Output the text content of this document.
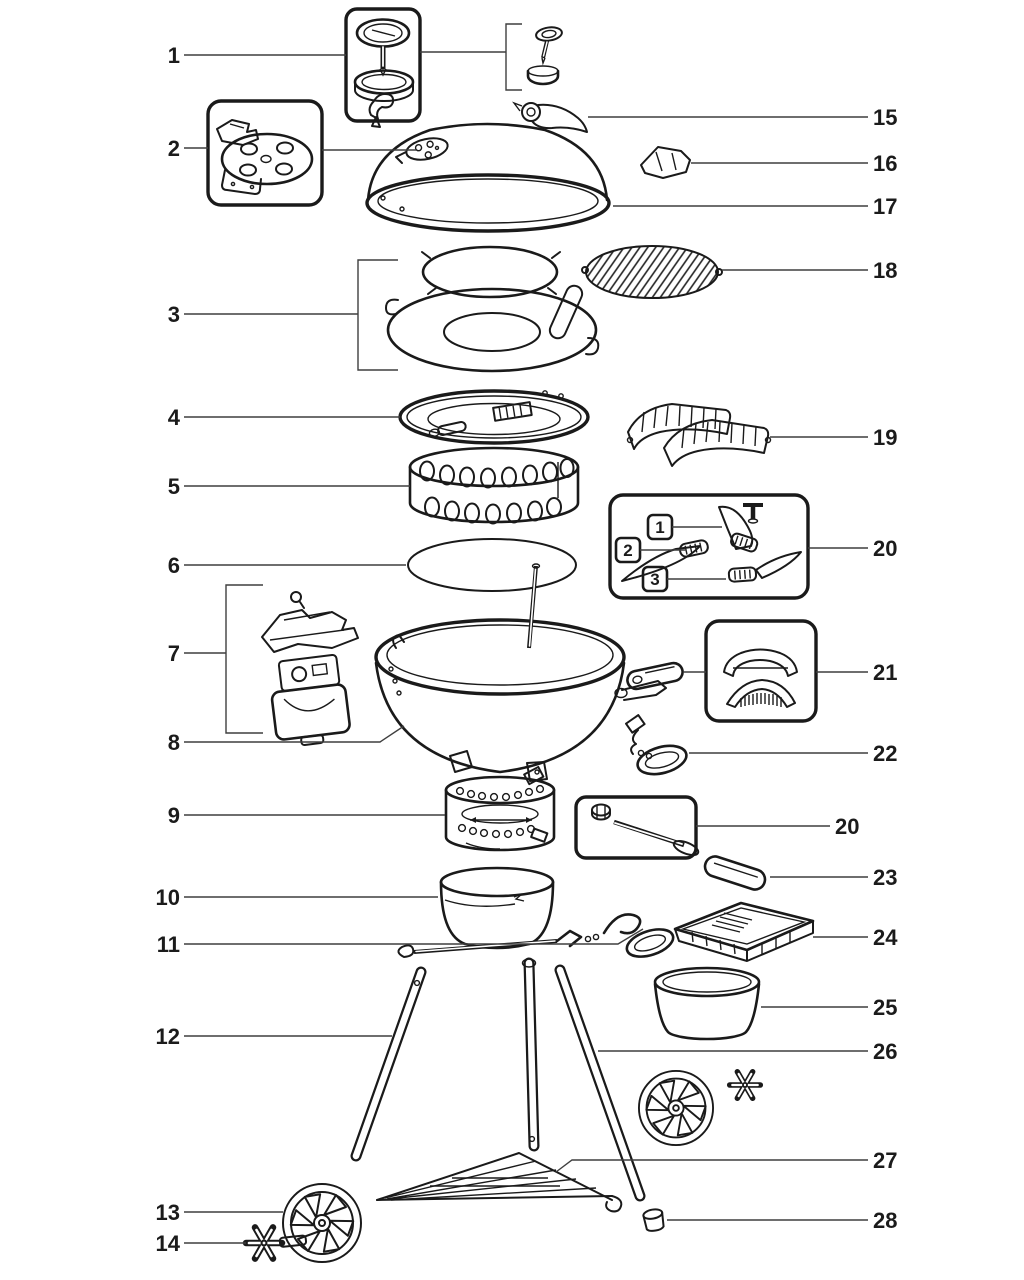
1
2
3
1
2
3
4
5
6
7
8
9
10
11
12
13
14
15
16
17
18
19
20
21
22
20
23
24
25
26
27
28
